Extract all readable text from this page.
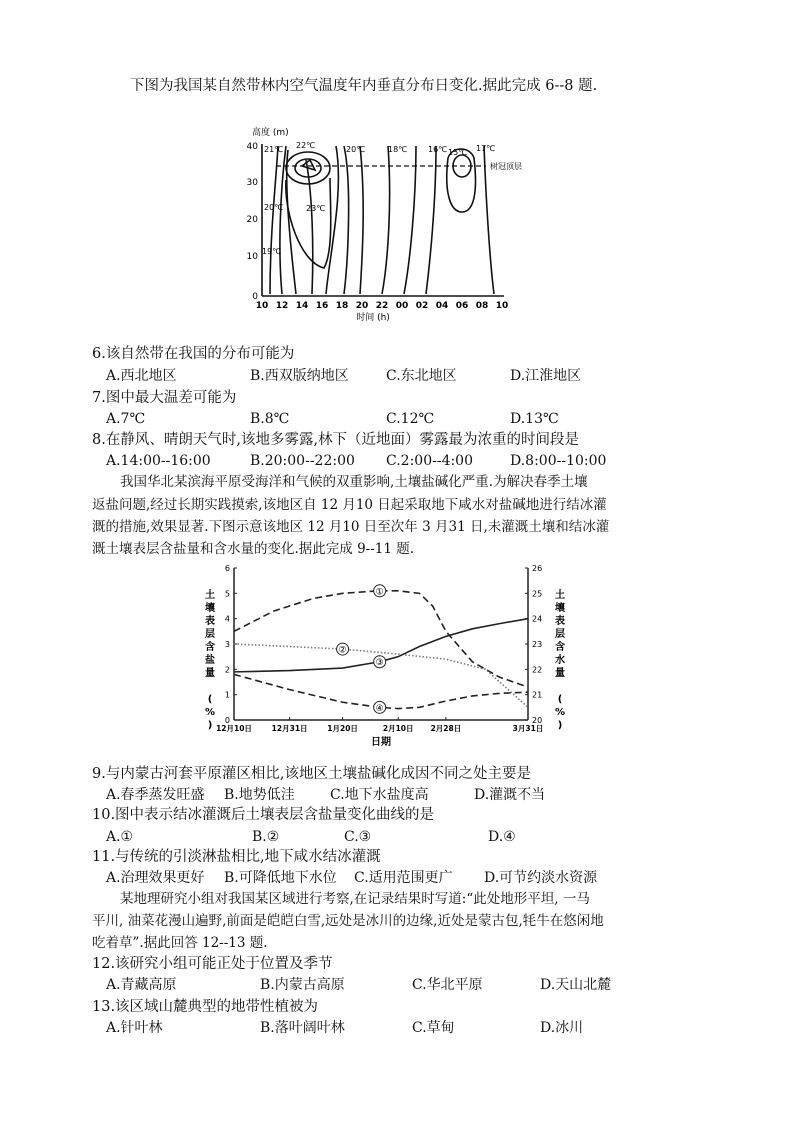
下图为我国某自然带林内空气温度年内垂直分布日变化.据此完成 6--8 题.
高度 (m)
40
30
20
10
0
10 12 14 16 18 20 22 00 02 04 06 08 10
时间 (h)
树冠顶层
21℃ 22℃	20℃	18℃	16℃ 15℃ 17℃
20℃	23℃
19℃
6.该自然带在我国的分布可能为
A.西北地区	B.西双版纳地区	C.东北地区	D.江淮地区
7.图中最大温差可能为
A.7℃	B.8℃	C.12℃	D.13℃
8.在静风、晴朗天气时,该地多雾露,林下（近地面）雾露最为浓重的时间段是
A.14:00--16:00	B.20:00--22:00 C.2:00--4:00	D.8:00--10:00
我国华北某滨海平原受海洋和气候的双重影响,土壤盐碱化严重.为解决春季土壤
返盐问题,经过长期实践摸索,该地区自 12 月10 日起采取地下咸水对盐碱地进行结冰灌
溉的措施,效果显著.下图示意该地区 12 月10 日至次年 3 月31 日,未灌溉土壤和结冰灌
溉土壤表层含盐量和含水量的变化.据此完成 9--11 题.
0
1
2
3
4
5
6
20
21
22
23
24
25
26
12月10日	12月31日	1月20日	2月10日 2月28日	3月31日
日期
土
壤
表
层
含
盐
量
(
%
)
土
壤
表
层
含
水
量
(
%
)
①
②
③
④
9.与内蒙古河套平原灌区相比,该地区土壤盐碱化成因不同之处主要是
A.春季蒸发旺盛 B.地势低洼	C.地下水盐度高	D.灌溉不当
10.图中表示结冰灌溉后土壤表层含盐量变化曲线的是
A.①	B.②	C.③	D.④
11.与传统的引淡淋盐相比,地下咸水结冰灌溉
A.治理效果更好 B.可降低地下水位 C.适用范围更广 D.可节约淡水资源
某地理研究小组对我国某区域进行考察,在记录结果时写道:“此处地形平坦, 一马
平川, 油菜花漫山遍野,前面是皑皑白雪,远处是冰川的边缘,近处是蒙古包,牦牛在悠闲地
吃着草”.据此回答 12--13 题.
12.该研究小组可能正处于位置及季节
A.青藏高原	B.内蒙古高原	C.华北平原	D.天山北麓
13.该区域山麓典型的地带性植被为
A.针叶林	B.落叶阔叶林	C.草甸	D.冰川
